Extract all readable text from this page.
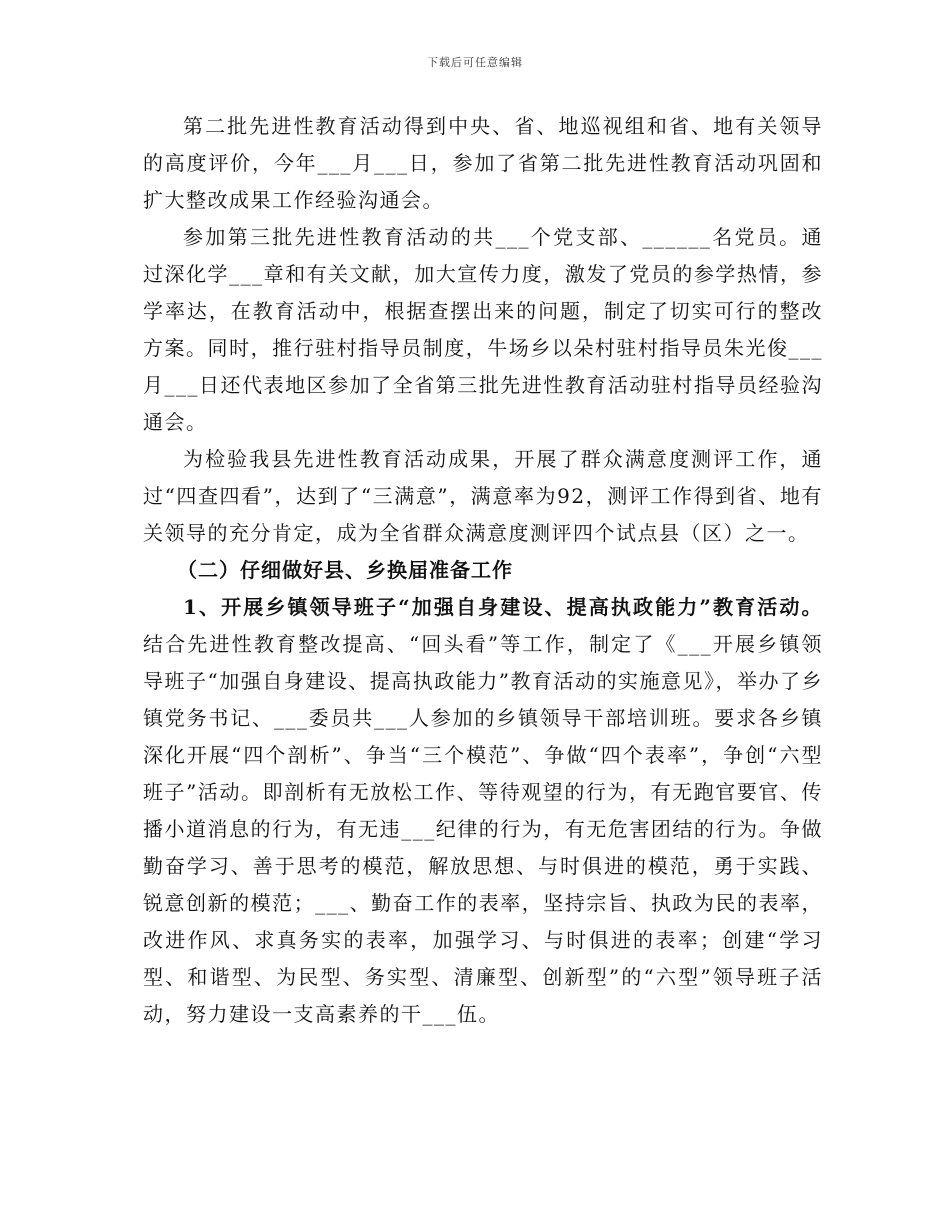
下载后可任意编辑

第二批先进性教育活动得到中央、省、地巡视组和省、地有关领导的高度评价，今年___月___日，参加了省第二批先进性教育活动巩固和扩大整改成果工作经验沟通会。

参加第三批先进性教育活动的共___个党支部、______名党员。通过深化学___章和有关文献，加大宣传力度，激发了党员的参学热情，参学率达，在教育活动中，根据查摆出来的问题，制定了切实可行的整改方案。同时，推行驻村指导员制度，牛场乡以朵村驻村指导员朱光俊___月___日还代表地区参加了全省第三批先进性教育活动驻村指导员经验沟通会。

为检验我县先进性教育活动成果，开展了群众满意度测评工作，通过“四查四看”，达到了“三满意”，满意率为92，测评工作得到省、地有关领导的充分肯定，成为全省群众满意度测评四个试点县（区）之一。

（二）仔细做好县、乡换届准备工作

1、开展乡镇领导班子“加强自身建设、提高执政能力”教育活动。结合先进性教育整改提高、“回头看”等工作，制定了《___开展乡镇领导班子“加强自身建设、提高执政能力”教育活动的实施意见》，举办了乡镇党务书记、___委员共___人参加的乡镇领导干部培训班。要求各乡镇深化开展“四个剖析”、争当“三个模范”、争做“四个表率”，争创“六型班子”活动。即剖析有无放松工作、等待观望的行为，有无跑官要官、传播小道消息的行为，有无违___纪律的行为，有无危害团结的行为。争做勤奋学习、善于思考的模范，解放思想、与时俱进的模范，勇于实践、锐意创新的模范；___、勤奋工作的表率，坚持宗旨、执政为民的表率，改进作风、求真务实的表率，加强学习、与时俱进的表率；创建“学习型、和谐型、为民型、务实型、清廉型、创新型”的“六型”领导班子活动，努力建设一支高素养的干___伍。
